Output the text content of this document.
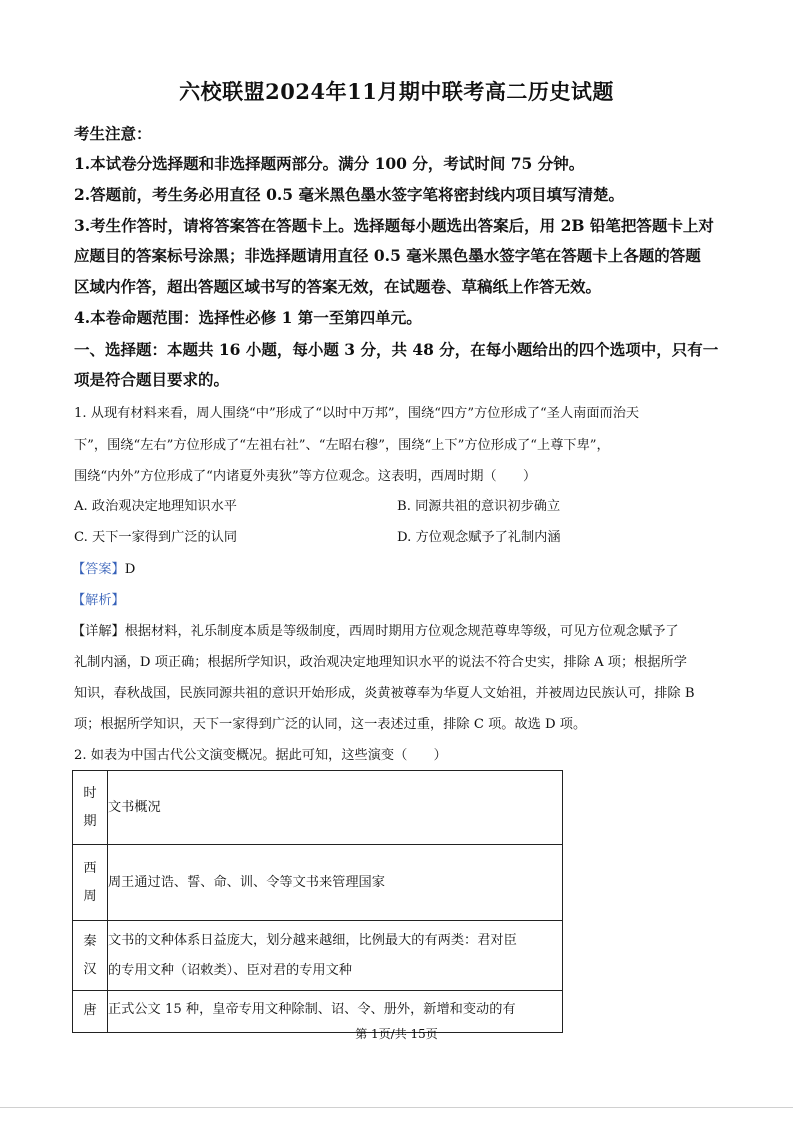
六校联盟2024年11月期中联考高二历史试题
考生注意：
1.本试卷分选择题和非选择题两部分。满分 100 分，考试时间 75 分钟。
2.答题前，考生务必用直径 0.5 毫米黑色墨水签字笔将密封线内项目填写清楚。
3.考生作答时，请将答案答在答题卡上。选择题每小题选出答案后，用 2B 铅笔把答题卡上对
应题目的答案标号涂黑；非选择题请用直径 0.5 毫米黑色墨水签字笔在答题卡上各题的答题
区域内作答，超出答题区域书写的答案无效，在试题卷、草稿纸上作答无效。
4.本卷命题范围：选择性必修 1 第一至第四单元。
一、选择题：本题共 16 小题，每小题 3 分，共 48 分，在每小题给出的四个选项中，只有一
项是符合题目要求的。
1. 从现有材料来看，周人围绕“中”形成了“以时中万邦”，围绕“四方”方位形成了“圣人南面而治天
下”，围绕“左右”方位形成了“左祖右社”、“左昭右穆”，围绕“上下”方位形成了“上尊下卑”，
围绕“内外”方位形成了“内诸夏外夷狄”等方位观念。这表明，西周时期（　　）
A. 政治观决定地理知识水平	B. 同源共祖的意识初步确立
C. 天下一家得到广泛的认同	D. 方位观念赋予了礼制内涵
【答案】D
【解析】
【详解】根据材料，礼乐制度本质是等级制度，西周时期用方位观念规范尊卑等级，可见方位观念赋予了
礼制内涵，D 项正确；根据所学知识，政治观决定地理知识水平的说法不符合史实，排除 A 项；根据所学
知识，春秋战国，民族同源共祖的意识开始形成，炎黄被尊奉为华夏人文始祖，并被周边民族认可，排除 B
项；根据所学知识，天下一家得到广泛的认同，这一表述过重，排除 C 项。故选 D 项。
2. 如表为中国古代公文演变概况。据此可知，这些演变（　　）
时
期	文书概况

西
周	周王通过诰、誓、命、训、令等文书来管理国家

秦
汉	文书的文种体系日益庞大，划分越来越细，比例最大的有两类：君对臣
的专用文种（诏敕类）、臣对君的专用文种

唐	正式公文 15 种，皇帝专用文种除制、诏、令、册外，新增和变动的有
第 1页/共 15页
